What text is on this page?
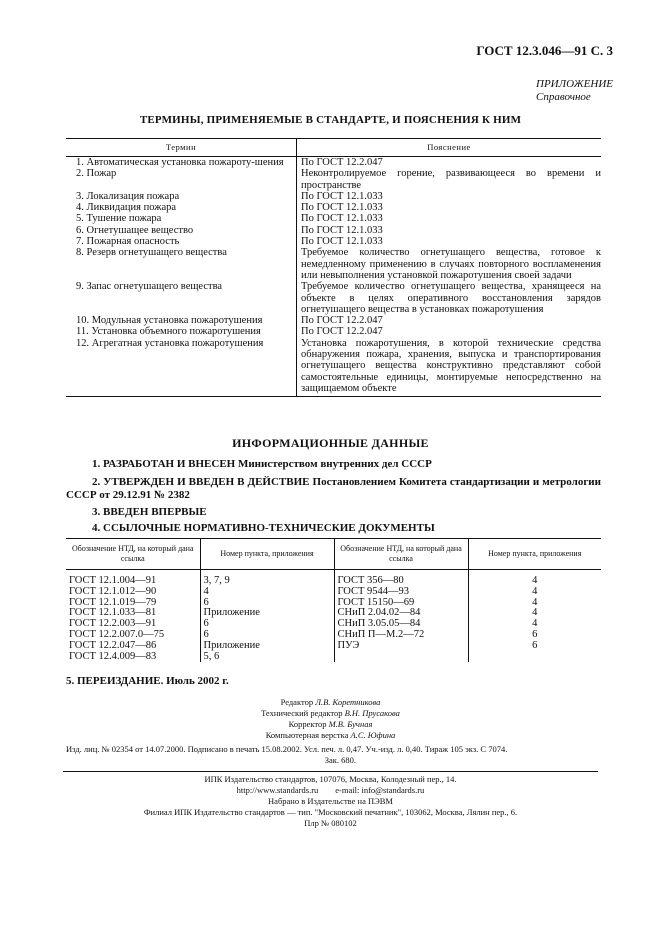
ГОСТ 12.3.046—91 С. 3
ПРИЛОЖЕНИЕ
Справочное
ТЕРМИНЫ, ПРИМЕНЯЕМЫЕ В СТАНДАРТЕ, И ПОЯСНЕНИЯ К НИМ
Термин	Пояснение
1. Автоматическая установка пожароту-шения	По ГОСТ 12.2.047
2. Пожар	Неконтролируемое горение, развивающееся во времени и пространстве
3. Локализация пожара	По ГОСТ 12.1.033
4. Ликвидация пожара	По ГОСТ 12.1.033
5. Тушение пожара	По ГОСТ 12.1.033
6. Огнетушащее вещество	По ГОСТ 12.1.033
7. Пожарная опасность	По ГОСТ 12.1.033
8. Резерв огнетушащего вещества	Требуемое количество огнетушащего вещества, готовое к немедленному применению в случаях повторного воспламенения или невыполнения установкой пожаротушения своей задачи
9. Запас огнетушащего вещества	Требуемое количество огнетушащего вещества, хранящееся на объекте в целях оперативного восстановления зарядов огнетушащего вещества в установках пожаротушения
10. Модульная установка пожаротушения	По ГОСТ 12.2.047
11. Установка объемного пожаротушения	По ГОСТ 12.2.047
12. Агрегатная установка пожаротушения	Установка пожаротушения, в которой технические средства обнаружения пожара, хранения, выпуска и транспортирования огнетушащего вещества конструктивно представляют собой самостоятельные единицы, монтируемые непосредственно на защищаемом объекте
ИНФОРМАЦИОННЫЕ ДАННЫЕ
1. РАЗРАБОТАН И ВНЕСЕН Министерством внутренних дел СССР
2. УТВЕРЖДЕН И ВВЕДЕН В ДЕЙСТВИЕ Постановлением Комитета стандартизации и метрологии СССР от 29.12.91 № 2382
3. ВВЕДЕН ВПЕРВЫЕ
4. ССЫЛОЧНЫЕ НОРМАТИВНО-ТЕХНИЧЕСКИЕ ДОКУМЕНТЫ
Обозначение НТД, на который дана ссылка	Номер пункта, приложения	Обозначение НТД, на который дана ссылка	Номер пункта, приложения
ГОСТ 12.1.004—91	3, 7, 9	ГОСТ 356—80	4
ГОСТ 12.1.012—90	4	ГОСТ 9544—93	4
ГОСТ 12.1.019—79	6	ГОСТ 15150—69	4
ГОСТ 12.1.033—81	Приложение	СНиП 2.04.02—84	4
ГОСТ 12.2.003—91	6	СНиП 3.05.05—84	4
ГОСТ 12.2.007.0—75	6	СНиП П—М.2—72	6
ГОСТ 12.2.047—86	Приложение	ПУЭ	6
ГОСТ 12.4.009—83	5, 6		
5. ПЕРЕИЗДАНИЕ. Июль 2002 г.
Редактор Л.В. Коретникова
Технический редактор В.Н. Прусакова
Корректор М.В. Бучная
Компьютерная верстка А.С. Юфина
Изд. лиц. № 02354 от 14.07.2000. Подписано в печать 15.08.2002. Усл. печ. л. 0,47. Уч.-изд. л. 0,40. Тираж 105 экз. С 7074.
Зак. 680.
ИПК Издательство стандартов, 107076, Москва, Колодезный пер., 14.
http://www.standards.ru e-mail: info@standards.ru
Набрано в Издательстве на ПЭВМ
Филиал ИПК Издательство стандартов — тип. "Московский печатник", 103062, Москва, Лялин пер., 6.
Плр № 080102
